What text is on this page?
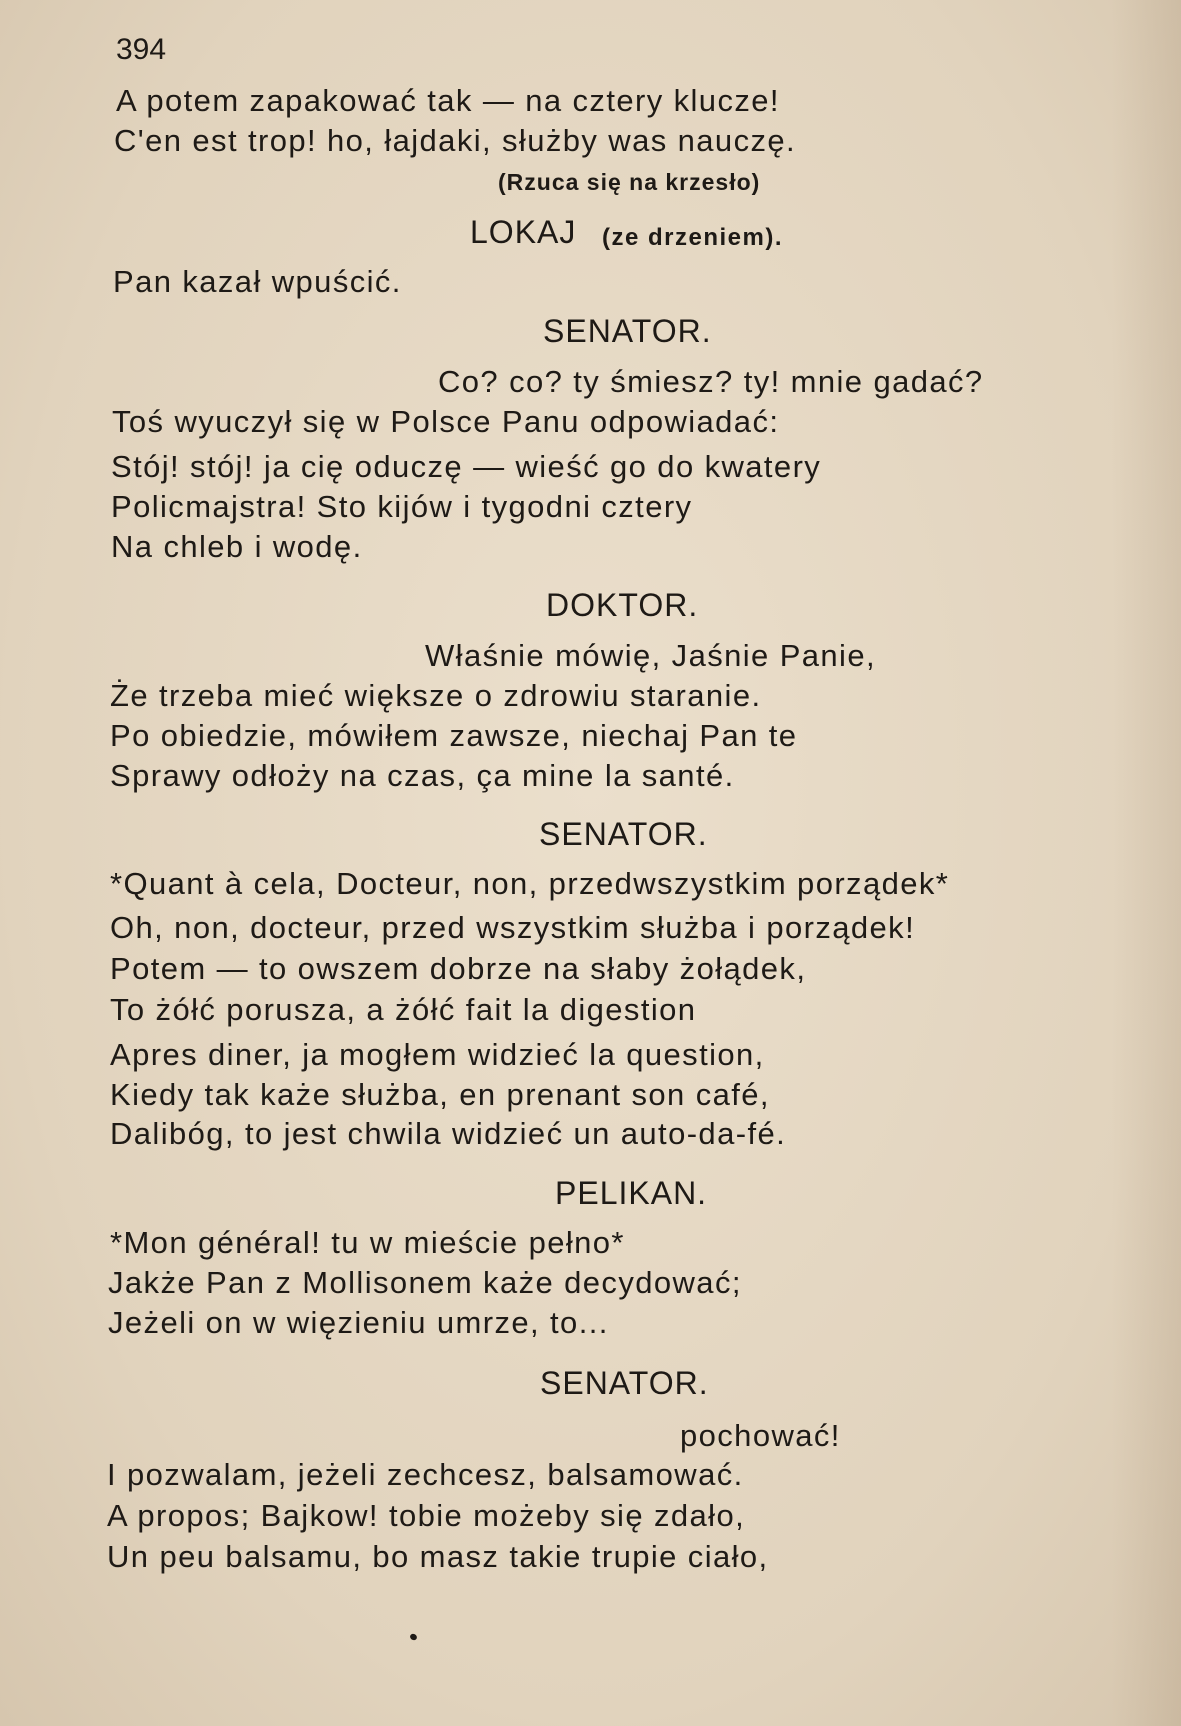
394
A potem zapakować tak — na cztery klucze!
C'en est trop! ho, łajdaki, służby was nauczę.
(Rzuca się na krzesło)
LOKAJ (ze drzeniem).
Pan kazał wpuścić.
SENATOR.
Co? co? ty śmiesz? ty! mnie gadać?
Toś wyuczył się w Polsce Panu odpowiadać:
Stój! stój! ja cię oduczę — wieść go do kwatery
Policmajstra! Sto kijów i tygodni cztery
Na chleb i wodę.
DOKTOR.
Właśnie mówię, Jaśnie Panie,
Że trzeba mieć większe o zdrowiu staranie.
Po obiedzie, mówiłem zawsze, niechaj Pan te
Sprawy odłoży na czas, ça mine la santé.
SENATOR.
*Quant à cela, Docteur, non, przedwszystkim porządek*
Oh, non, docteur, przed wszystkim służba i porządek!
Potem — to owszem dobrze na słaby żołądek,
To żółć porusza, a żółć fait la digestion
Apres diner, ja mogłem widzieć la question,
Kiedy tak każe służba, en prenant son café,
Dalibóg, to jest chwila widzieć un auto-da-fé.
PELIKAN.
*Mon général! tu w mieście pełno*
Jakże Pan z Mollisonem każe decydować;
Jeżeli on w więzieniu umrze, to...
SENATOR.
pochować!
I pozwalam, jeżeli zechcesz, balsamować.
A propos; Bajkow! tobie możeby się zdało,
Un peu balsamu, bo masz takie trupie ciało,
